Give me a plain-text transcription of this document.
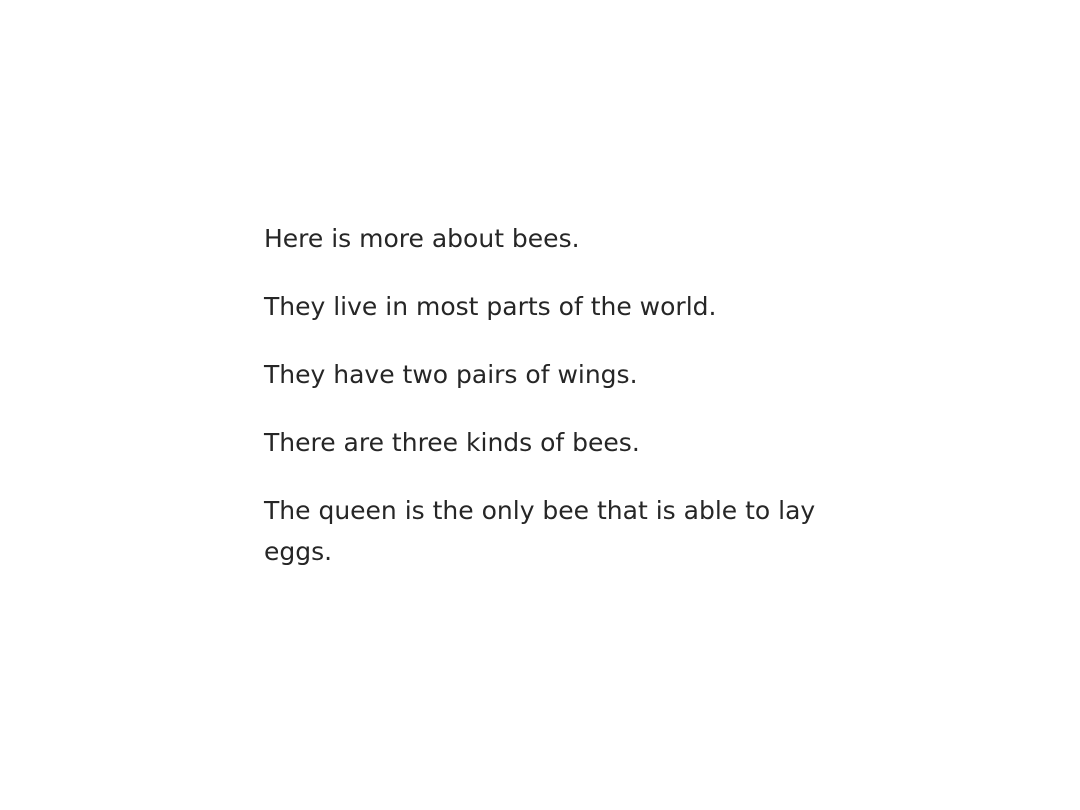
Here is more about bees.

They live in most parts of the world.

They have two pairs of wings.

There are three kinds of bees.

The queen is the only bee that is able to lay eggs.
